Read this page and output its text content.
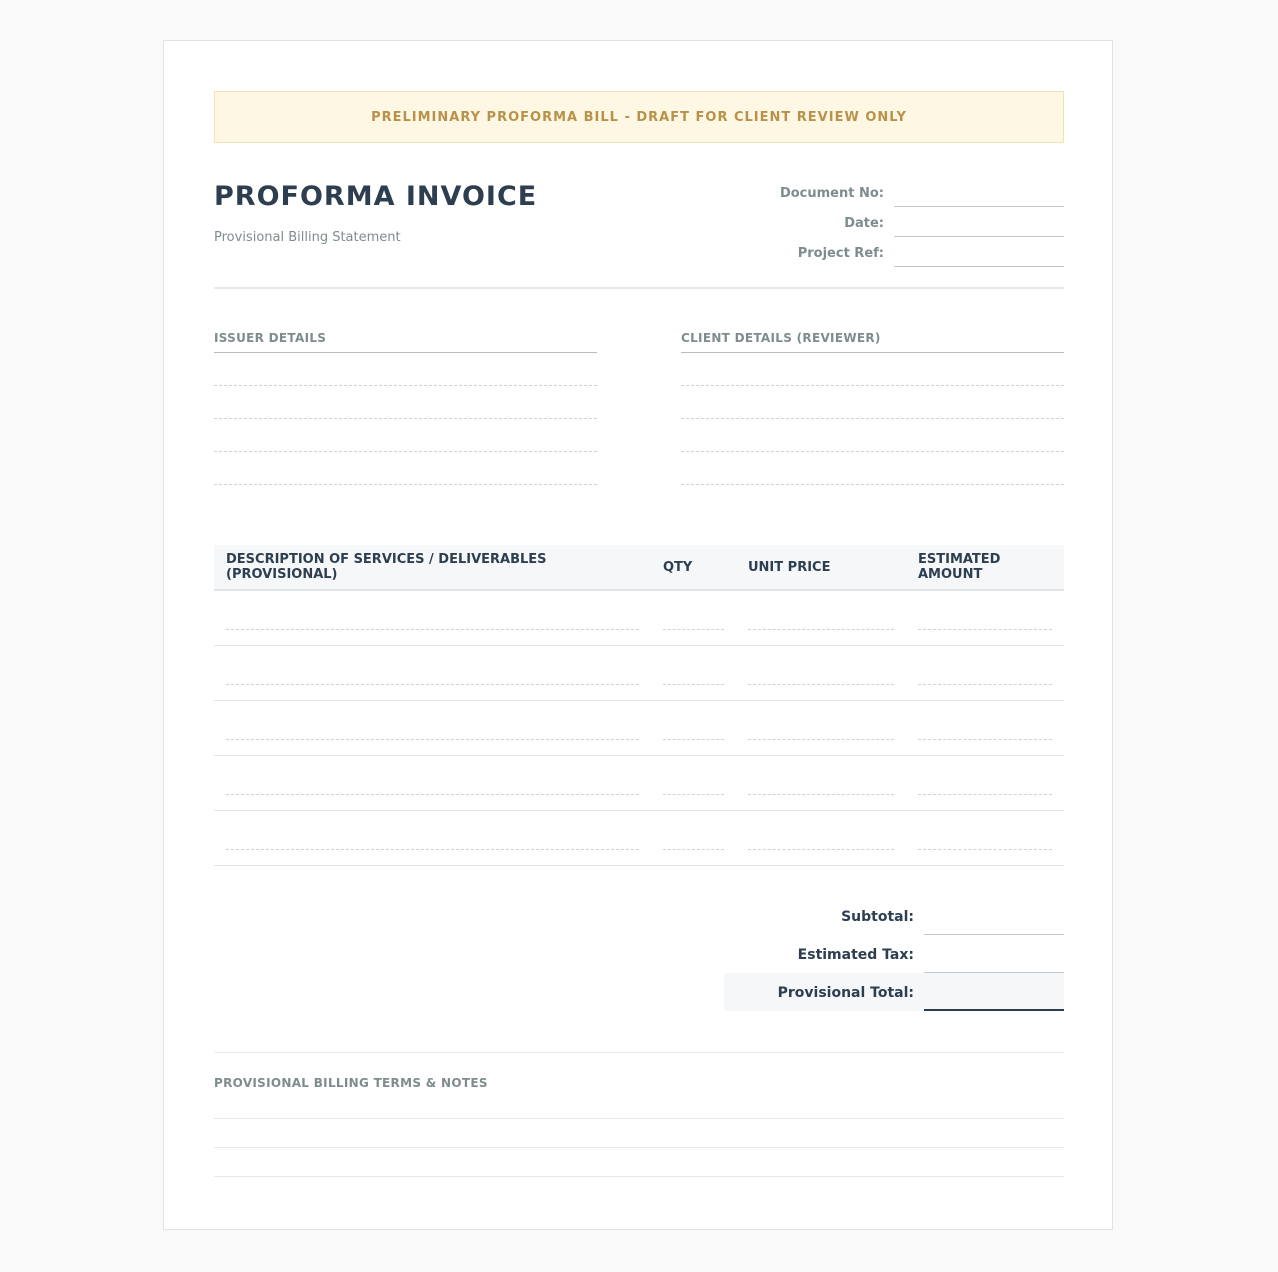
PRELIMINARY PROFORMA BILL - DRAFT FOR CLIENT REVIEW ONLY
PROFORMA INVOICE
Provisional Billing Statement
Document No:
Date:
Project Ref:
ISSUER DETAILS	CLIENT DETAILS (REVIEWER)
DESCRIPTION OF SERVICES / DELIVERABLES (PROVISIONAL)	QTY	UNIT PRICE	ESTIMATED AMOUNT

Subtotal:
Estimated Tax:
Provisional Total:
PROVISIONAL BILLING TERMS & NOTES
